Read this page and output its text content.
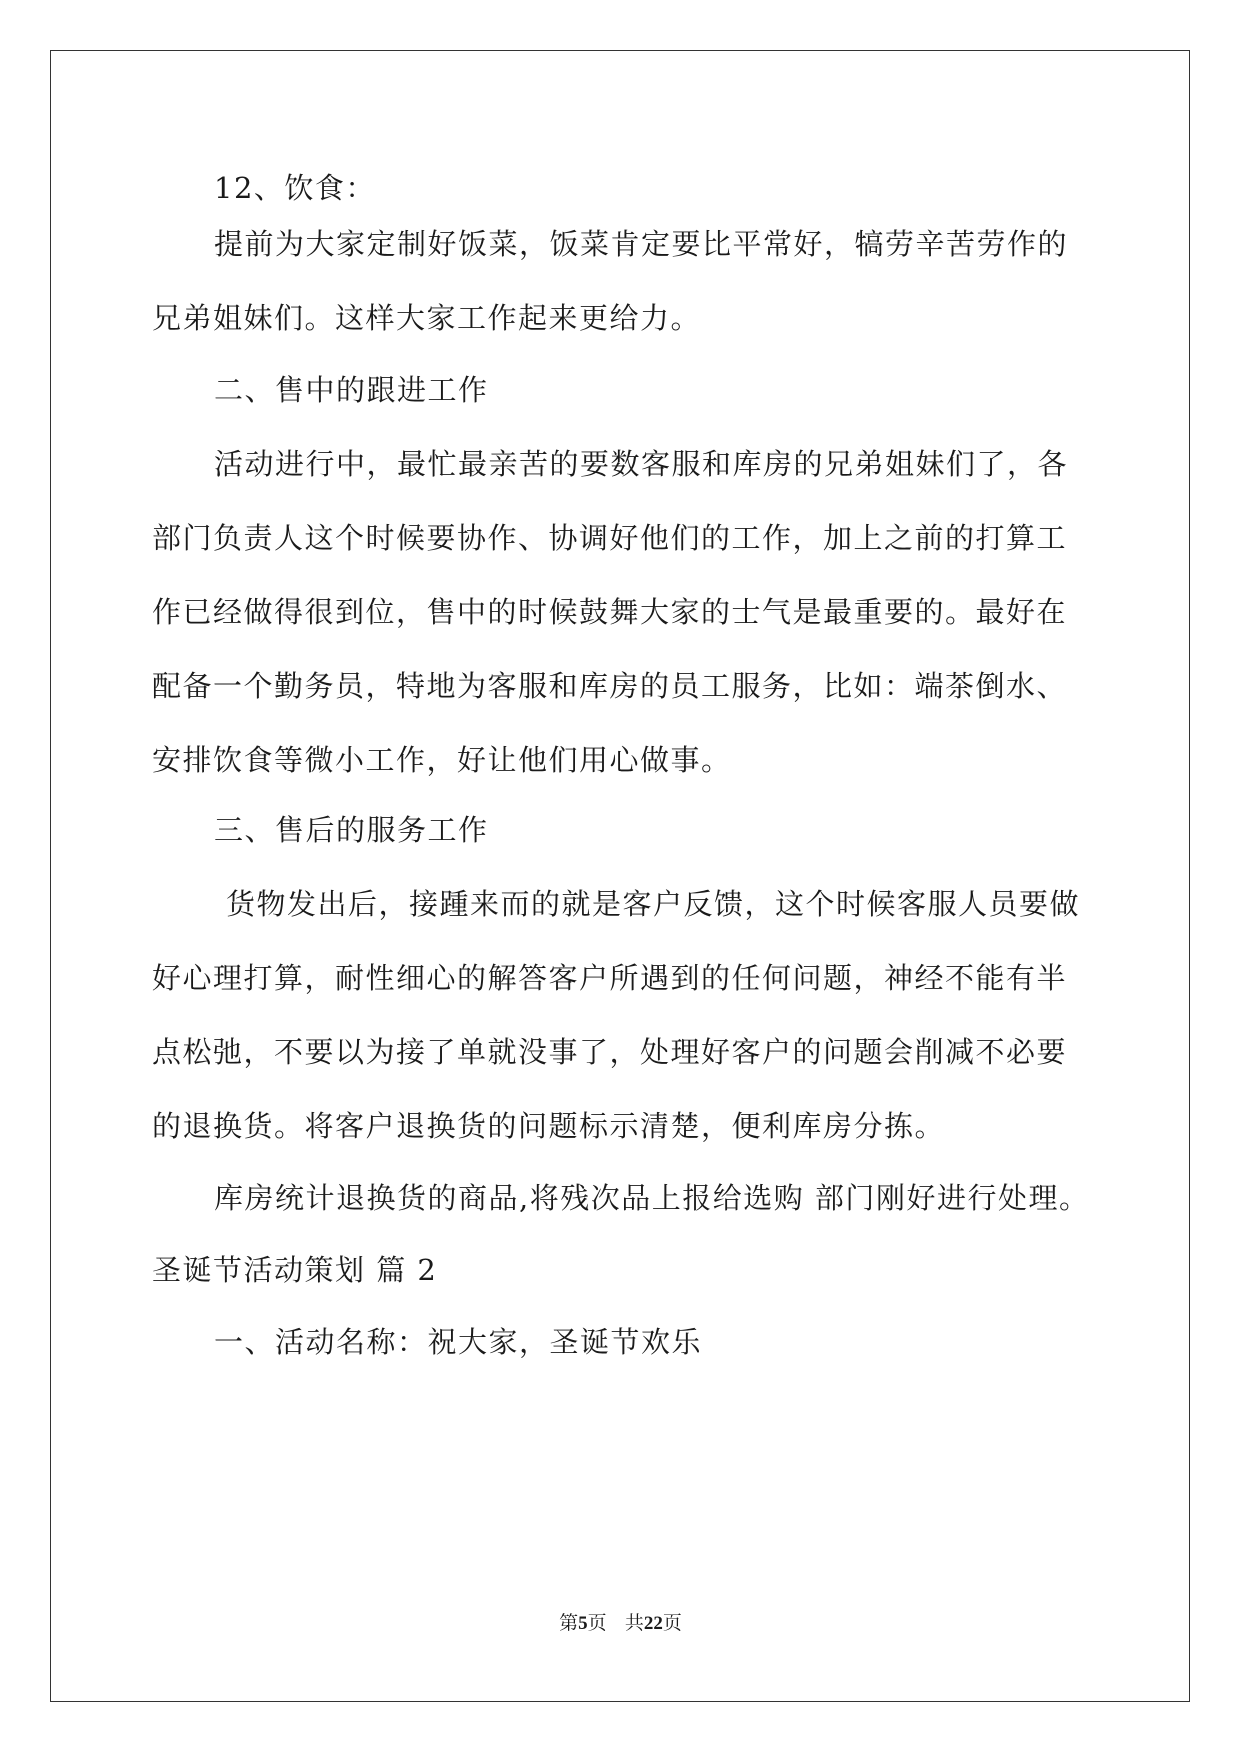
12、饮食：
提前为大家定制好饭菜，饭菜肯定要比平常好，犒劳辛苦劳作的
兄弟姐妹们。这样大家工作起来更给力。
二、售中的跟进工作
活动进行中，最忙最亲苦的要数客服和库房的兄弟姐妹们了，各
部门负责人这个时候要协作、协调好他们的工作，加上之前的打算工
作已经做得很到位，售中的时候鼓舞大家的士气是最重要的。最好在
配备一个勤务员，特地为客服和库房的员工服务，比如：端茶倒水、
安排饮食等微小工作，好让他们用心做事。
三、售后的服务工作
货物发出后，接踵来而的就是客户反馈，这个时候客服人员要做
好心理打算，耐性细心的解答客户所遇到的任何问题，神经不能有半
点松弛，不要以为接了单就没事了，处理好客户的问题会削减不必要
的退换货。将客户退换货的问题标示清楚，便利库房分拣。
库房统计退换货的商品,将残次品上报给选购 部门刚好进行处理。
圣诞节活动策划 篇 2
一、活动名称：祝大家，圣诞节欢乐
第5页 共22页
